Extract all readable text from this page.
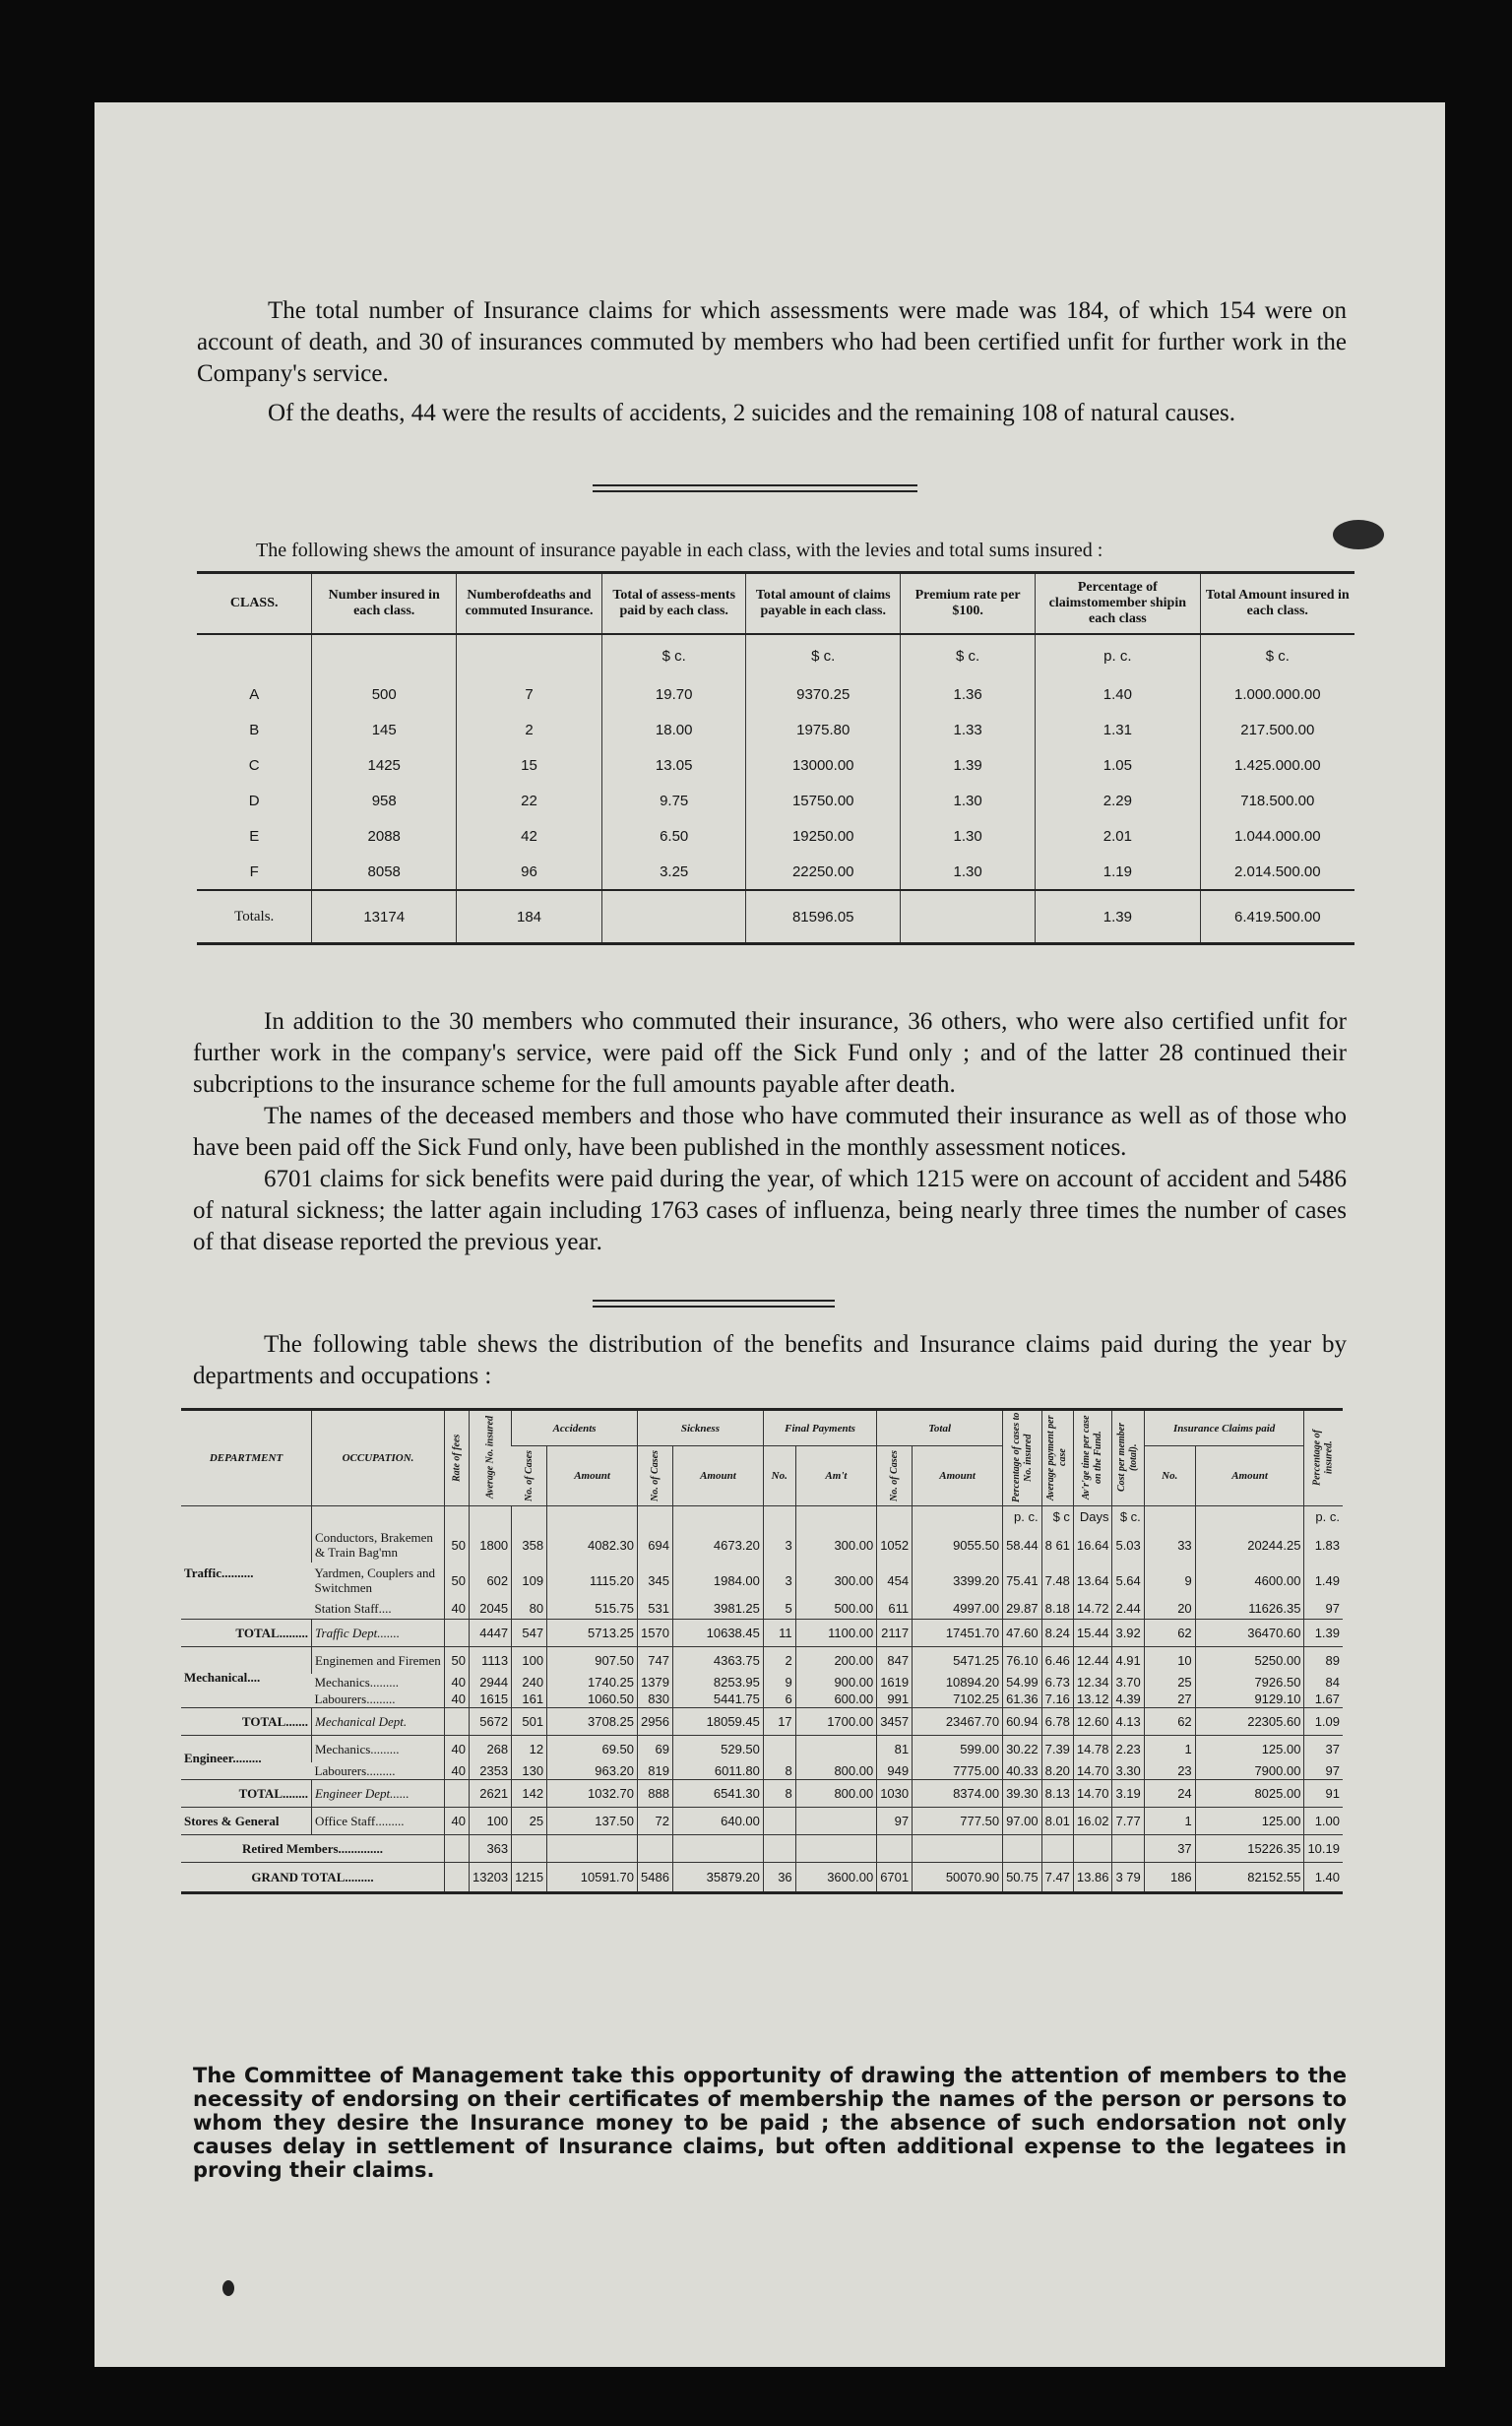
The total number of Insurance claims for which assessments were made was 184, of which 154 were on account of death, and 30 of insurances commuted by members who had been certified unfit for further work in the Company's service.

Of the deaths, 44 were the results of accidents, 2 suicides and the remaining 108 of natural causes.

The following shews the amount of insurance payable in each class, with the levies and total sums insured :
CLASS.	Number insured in each class.	Numberofdeaths and commuted Insurance.	Total of assess-ments paid by each class.	Total amount of claims payable in each class.	Premium rate per $100.	Percentage of claimstomember shipin each class	Total Amount insured in each class.
			$ c.	$ c.	$ c.	p. c.	$ c.
A	500	7	19.70	9370.25	1.36	1.40	1.000.000.00
B	145	2	18.00	1975.80	1.33	1.31	217.500.00
C	1425	15	13.05	13000.00	1.39	1.05	1.425.000.00
D	958	22	9.75	15750.00	1.30	2.29	718.500.00
E	2088	42	6.50	19250.00	1.30	2.01	1.044.000.00
F	8058	96	3.25	22250.00	1.30	1.19	2.014.500.00
Totals.	13174	184		81596.05		1.39	6.419.500.00

In addition to the 30 members who commuted their insurance, 36 others, who were also certified unfit for further work in the company's service, were paid off the Sick Fund only ; and of the latter 28 continued their subcriptions to the insurance scheme for the full amounts payable after death.

The names of the deceased members and those who have commuted their insurance as well as of those who have been paid off the Sick Fund only, have been published in the monthly assessment notices.

6701 claims for sick benefits were paid during the year, of which 1215 were on account of accident and 5486 of natural sickness; the latter again including 1763 cases of influenza, being nearly three times the number of cases of that disease reported the previous year.

The following table shews the distribution of the benefits and Insurance claims paid during the year by departments and occupations :

DEPARTMENT	OCCUPATION.	Rate of fees	Average No. insured	Accidents		Sickness		Final Payments		Total		Percentage of cases to No. insured	Average payment per case	Av'r'ge time per case on the Fund.	Cost per member (total).	Insurance Claims paid		Percentage of insured.
				No. of Cases	Amount	No. of Cases	Amount	No.	Am't	No. of Cases	Amount					No.	Amount	
												p. c.	$ c	Days	$ c.			p. c.
Traffic..........	Conductors, Brakemen & Train Bag'mn	50	1800	358	4082.30	694	4673.20	3	300.00	1052	9055.50	58.44	8 61	16.64	5.03	33	20244.25	1.83
	Yardmen, Couplers and Switchmen	50	602	109	1115.20	345	1984.00	3	300.00	454	3399.20	75.41	7.48	13.64	5.64	9	4600.00	1.49
	Station Staff....	40	2045	80	515.75	531	3981.25	5	500.00	611	4997.00	29.87	8.18	14.72	2.44	20	11626.35	97
TOTAL.........	Traffic Dept.......		4447	547	5713.25	1570	10638.45	11	1100.00	2117	17451.70	47.60	8.24	15.44	3.92	62	36470.60	1.39
Mechanical....	Enginemen and Firemen	50	1113	100	907.50	747	4363.75	2	200.00	847	5471.25	76.10	6.46	12.44	4.91	10	5250.00	89
	Mechanics.........	40	2944	240	1740.25	1379	8253.95	9	900.00	1619	10894.20	54.99	6.73	12.34	3.70	25	7926.50	84
	Labourers.........	40	1615	161	1060.50	830	5441.75	6	600.00	991	7102.25	61.36	7.16	13.12	4.39	27	9129.10	1.67
TOTAL.......	Mechanical Dept.		5672	501	3708.25	2956	18059.45	17	1700.00	3457	23467.70	60.94	6.78	12.60	4.13	62	22305.60	1.09
Engineer.........	Mechanics.........	40	268	12	69.50	69	529.50			81	599.00	30.22	7.39	14.78	2.23	1	125.00	37
	Labourers.........	40	2353	130	963.20	819	6011.80	8	800.00	949	7775.00	40.33	8.20	14.70	3.30	23	7900.00	97
TOTAL........	Engineer Dept......		2621	142	1032.70	888	6541.30	8	800.00	1030	8374.00	39.30	8.13	14.70	3.19	24	8025.00	91
Stores & General	Office Staff.........	40	100	25	137.50	72	640.00			97	777.50	97.00	8.01	16.02	7.77	1	125.00	1.00
Retired Members..............			363													37	15226.35	10.19
GRAND TOTAL.........			13203	1215	10591.70	5486	35879.20	36	3600.00	6701	50070.90	50.75	7.47	13.86	3 79	186	82152.55	1.40

The Committee of Management take this opportunity of drawing the attention of members to the necessity of endorsing on their certificates of membership the names of the person or persons to whom they desire the Insurance money to be paid ; the absence of such endorsation not only causes delay in settlement of Insurance claims, but often additional expense to the legatees in proving their claims.
